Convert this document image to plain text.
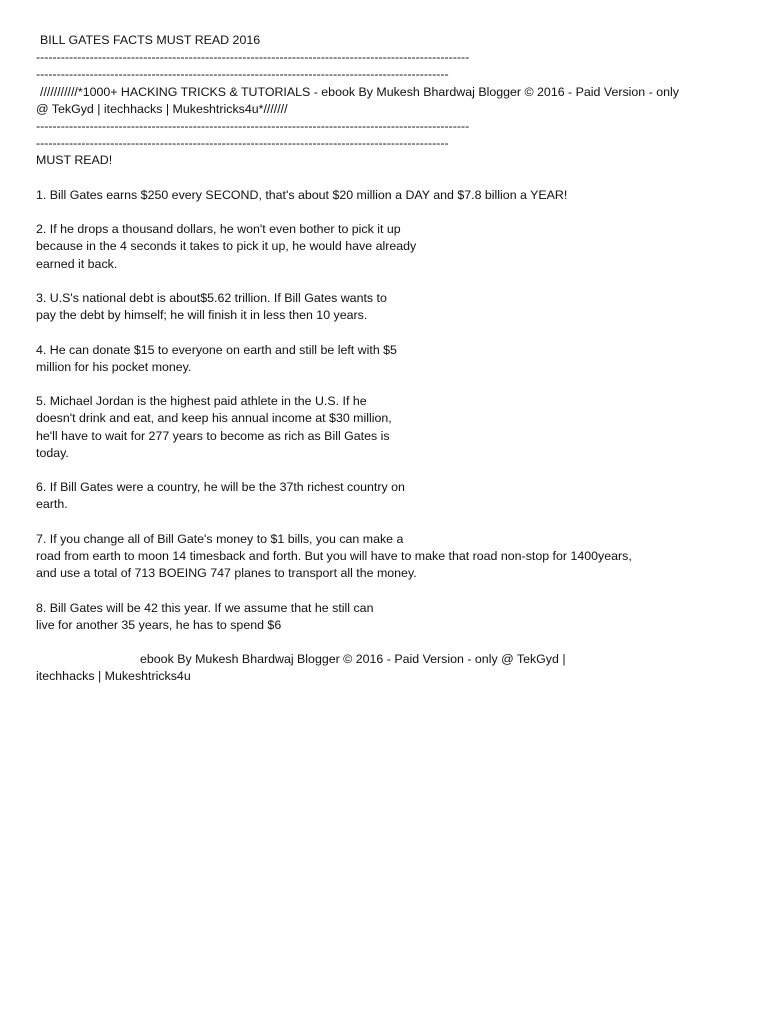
BILL GATES FACTS MUST READ 2016
---------------------------------------------------------------------------------------------------------
----------------------------------------------------------------------------------------------------
///////////*1000+ HACKING TRICKS & TUTORIALS - ebook By Mukesh Bhardwaj Blogger © 2016 - Paid Version - only
@ TekGyd | itechhacks | Mukeshtricks4u*///////
---------------------------------------------------------------------------------------------------------
----------------------------------------------------------------------------------------------------
MUST READ!
1. Bill Gates earns $250 every SECOND, that's about $20 million a DAY and $7.8 billion a YEAR!
2. If he drops a thousand dollars, he won't even bother to pick it up
because in the 4 seconds it takes to pick it up, he would have already
earned it back.
3. U.S's national debt is about$5.62 trillion. If Bill Gates wants to
pay the debt by himself; he will finish it in less then 10 years.
4. He can donate $15 to everyone on earth and still be left with $5
million for his pocket money.
5. Michael Jordan is the highest paid athlete in the U.S. If he
doesn't drink and eat, and keep his annual income at $30 million,
he'll have to wait for 277 years to become as rich as Bill Gates is
today.
6. If Bill Gates were a country, he will be the 37th richest country on
earth.
7. If you change all of Bill Gate's money to $1 bills, you can make a
road from earth to moon 14 timesback and forth. But you will have to make that road non-stop for 1400years,
and use a total of 713 BOEING 747 planes to transport all the money.
8. Bill Gates will be 42 this year. If we assume that he still can
live for another 35 years, he has to spend $6
ebook By Mukesh Bhardwaj Blogger © 2016 - Paid Version - only @ TekGyd |
itechhacks | Mukeshtricks4u
